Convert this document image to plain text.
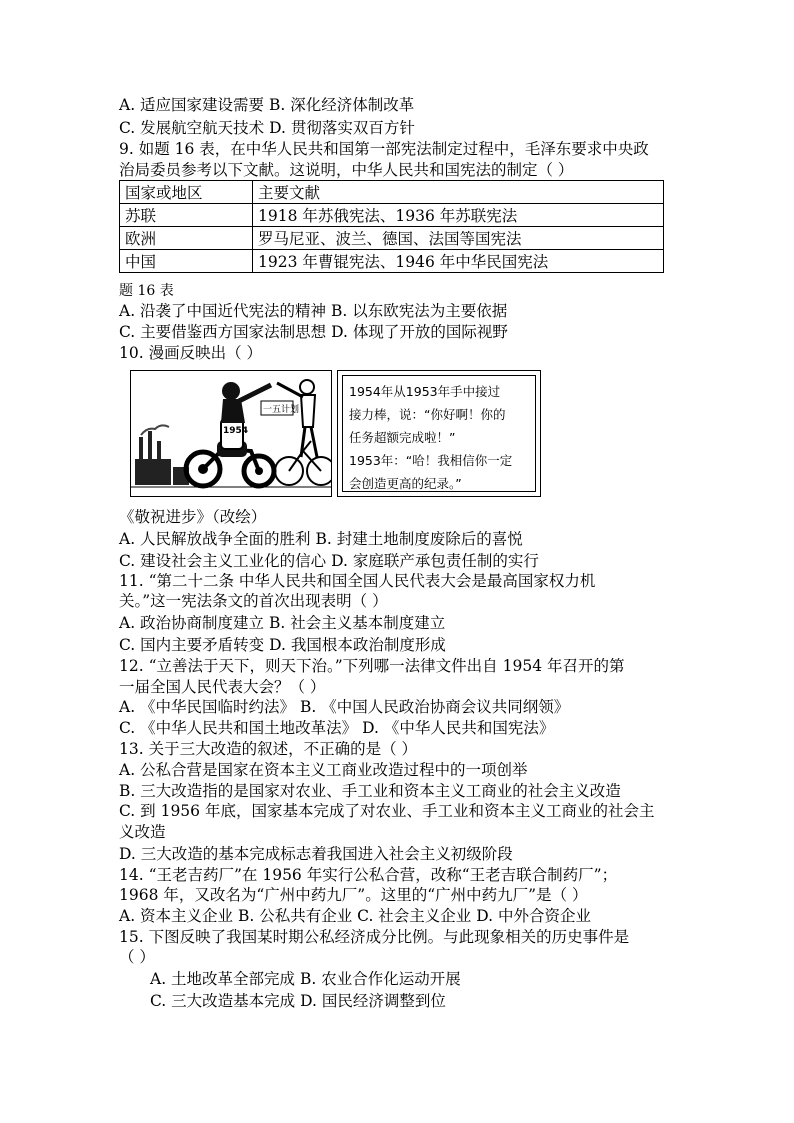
A. 适应国家建设需要 B. 深化经济体制改革
C. 发展航空航天技术 D. 贯彻落实双百方针
9. 如题 16 表，在中华人民共和国第一部宪法制定过程中，毛泽东要求中央政
治局委员参考以下文献。这说明，中华人民共和国宪法的制定（ ）
国家或地区	主要文献
苏联	1918 年苏俄宪法、1936 年苏联宪法
欧洲	罗马尼亚、波兰、德国、法国等国宪法
中国	1923 年曹锟宪法、1946 年中华民国宪法
题 16 表
A. 沿袭了中国近代宪法的精神 B. 以东欧宪法为主要依据
C. 主要借鉴西方国家法制思想 D. 体现了开放的国际视野
10. 漫画反映出（ ）
1954
一五计划
1954年从1953年手中接过
接力棒，说：“你好啊！你的
任务超额完成啦！”
1953年：“哈！我相信你一定
会创造更高的纪录。”
《敬祝进步》（改绘）
A. 人民解放战争全面的胜利 B. 封建土地制度废除后的喜悦
C. 建设社会主义工业化的信心 D. 家庭联产承包责任制的实行
11. “第二十二条 中华人民共和国全国人民代表大会是最高国家权力机
关。”这一宪法条文的首次出现表明（ ）
A. 政治协商制度建立 B. 社会主义基本制度建立
C. 国内主要矛盾转变 D. 我国根本政治制度形成
12. “立善法于天下，则天下治。”下列哪一法律文件出自 1954 年召开的第
一届全国人民代表大会？（ ）
A. 《中华民国临时约法》 B. 《中国人民政治协商会议共同纲领》
C. 《中华人民共和国土地改革法》 D. 《中华人民共和国宪法》
13. 关于三大改造的叙述，不正确的是（ ）
A. 公私合营是国家在资本主义工商业改造过程中的一项创举
B. 三大改造指的是国家对农业、手工业和资本主义工商业的社会主义改造
C. 到 1956 年底，国家基本完成了对农业、手工业和资本主义工商业的社会主
义改造
D. 三大改造的基本完成标志着我国进入社会主义初级阶段
14. “王老吉药厂”在 1956 年实行公私合营，改称“王老吉联合制药厂”；
1968 年，又改名为“广州中药九厂”。这里的“广州中药九厂”是（ ）
A. 资本主义企业 B. 公私共有企业 C. 社会主义企业 D. 中外合资企业
15. 下图反映了我国某时期公私经济成分比例。与此现象相关的历史事件是
（ ）
A. 土地改革全部完成 B. 农业合作化运动开展
C. 三大改造基本完成 D. 国民经济调整到位
